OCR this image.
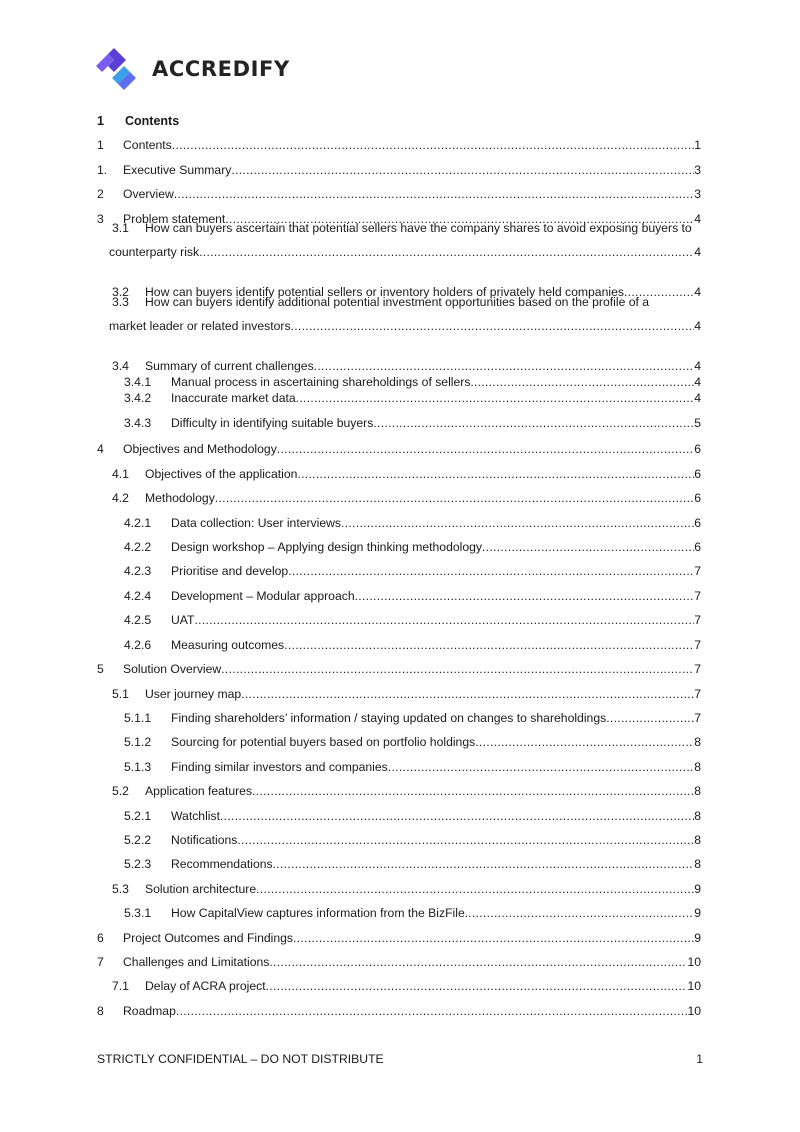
ACCREDIFY
1	Contents
1	Contents .....	1
1.	Executive Summary .....	3
2	Overview .....	3
3	Problem statement .....	4
3.1	How can buyers ascertain that potential sellers have the company shares to avoid exposing buyers to
counterparty risk .....	4
3.2	How can buyers identify potential sellers or inventory holders of privately held companies .....	4
3.3	How can buyers identify additional potential investment opportunities based on the profile of a
market leader or related investors .....	4
3.4	Summary of current challenges .....	4
3.4.1	Manual process in ascertaining shareholdings of sellers. .....	4
3.4.2	Inaccurate market data .....	4
3.4.3	Difficulty in identifying suitable buyers .....	5
4	Objectives and Methodology .....	6
4.1	Objectives of the application .....	6
4.2	Methodology .....	6
4.2.1	Data collection: User interviews .....	6
4.2.2	Design workshop – Applying design thinking methodology .....	6
4.2.3	Prioritise and develop .....	7
4.2.4	Development – Modular approach .....	7
4.2.5	UAT .....	7
4.2.6	Measuring outcomes .....	7
5	Solution Overview .....	7
5.1	User journey map .....	7
5.1.1	Finding shareholders’ information / staying updated on changes to shareholdings .....	7
5.1.2	Sourcing for potential buyers based on portfolio holdings .....	8
5.1.3	Finding similar investors and companies .....	8
5.2	Application features .....	8
5.2.1	Watchlist .....	8
5.2.2	Notifications .....	8
5.2.3	Recommendations .....	8
5.3	Solution architecture .....	9
5.3.1	How CapitalView captures information from the BizFile. .....	9
6	Project Outcomes and Findings .....	9
7	Challenges and Limitations .....	10
7.1	Delay of ACRA project .....	10
8	Roadmap .....	10
STRICTLY CONFIDENTIAL – DO NOT DISTRIBUTE	1
